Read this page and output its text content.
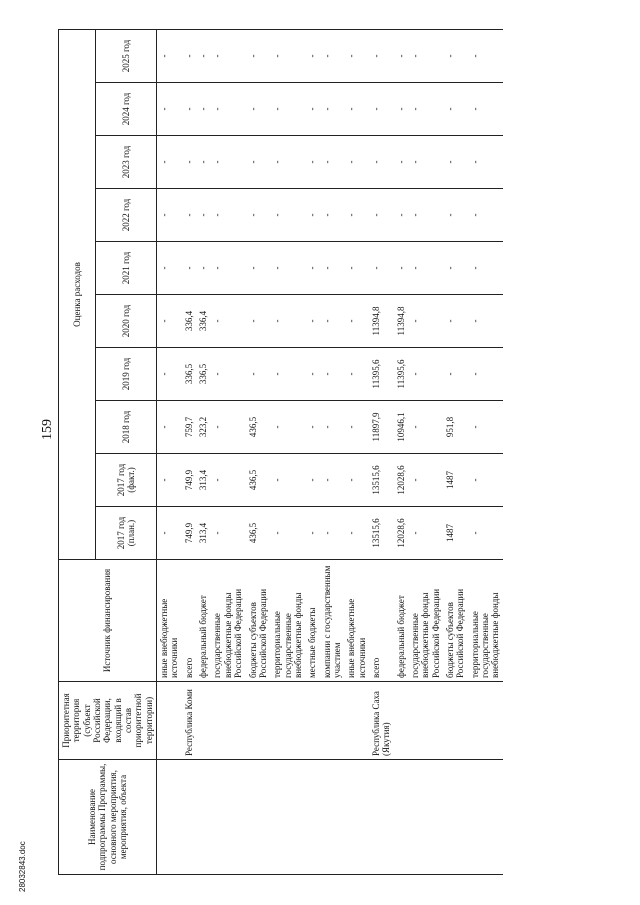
159
28032843.doc
Наименование подпрограммы Программы, основного мероприятия, мероприятия, объекта	Приоритетная территория (субъект Российской Федерации, входящий в состав приоритетной территории)	Источник финансирования	Оценка расходов									
			2017 год (план.)	2017 год (факт.)	2018 год	2019 год	2020 год	2021 год	2022 год	2023 год	2024 год	2025 год
		иные внебюджетные источники	-	-	-	-	-	-	-	-	-	-
	Республика Коми	всего	749,9	749,9	759,7	336,5	336,4	-	-	-	-	-
		федеральный бюджет	313,4	313,4	323,2	336,5	336,4	-	-	-	-	-
		государственные внебюджетные фонды Российской Федерации	-	-	-	-	-	-	-	-	-	-
		бюджеты субъектов Российской Федерации	436,5	436,5	436,5	-	-	-	-	-	-	-
		территориальные государственные внебюджетные фонды	-	-	-	-	-	-	-	-	-	-
		местные бюджеты	-	-	-	-	-	-	-	-	-	-
		компании с государственным участием	-	-	-	-	-	-	-	-	-	-
		иные внебюджетные источники	-	-	-	-	-	-	-	-	-	-
	Республика Саха (Якутия)	всего	13515,6	13515,6	11897,9	11395,6	11394,8	-	-	-	-	-
		федеральный бюджет	12028,6	12028,6	10946,1	11395,6	11394,8	-	-	-	-	-
		государственные внебюджетные фонды Российской Федерации	-	-	-	-	-	-	-	-	-	-
		бюджеты субъектов Российской Федерации	1487	1487	951,8	-	-	-	-	-	-	-
		территориальные государственные внебюджетные фонды	-	-	-	-	-	-	-	-	-	-
